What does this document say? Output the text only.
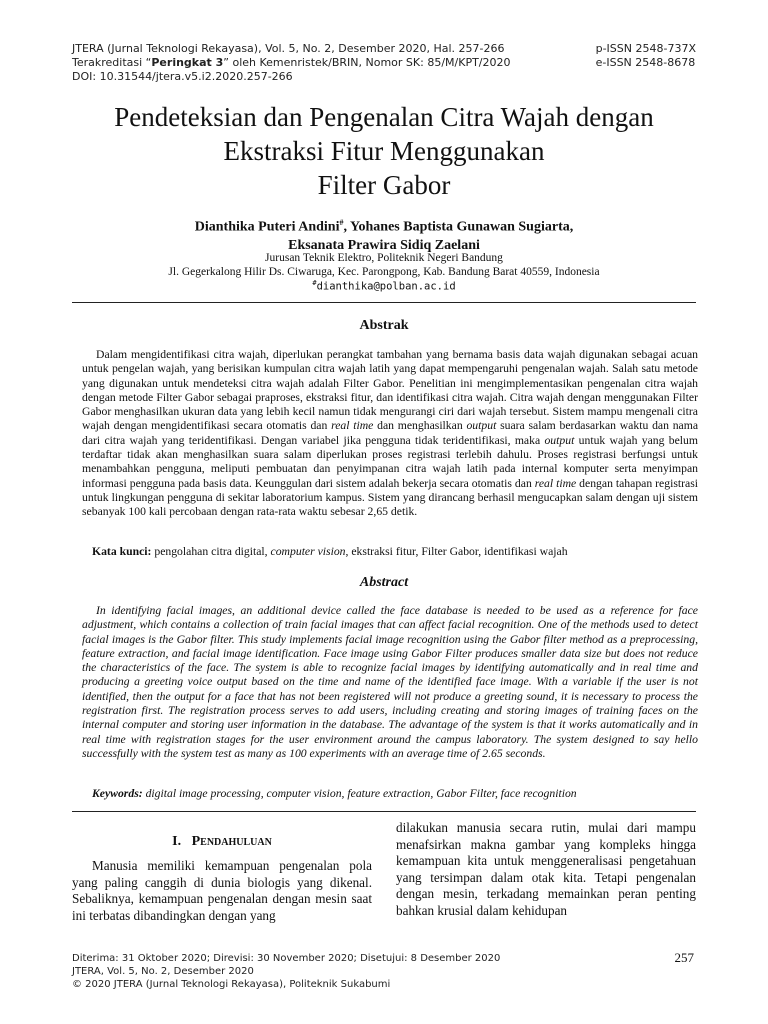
JTERA (Jurnal Teknologi Rekayasa), Vol. 5, No. 2, Desember 2020, Hal. 257-266
Terakreditasi “Peringkat 3” oleh Kemenristek/BRIN, Nomor SK: 85/M/KPT/2020
DOI: 10.31544/jtera.v5.i2.2020.257-266
p-ISSN 2548-737X
e-ISSN 2548-8678
Pendeteksian dan Pengenalan Citra Wajah dengan
Ekstraksi Fitur Menggunakan
Filter Gabor
Dianthika Puteri Andini#, Yohanes Baptista Gunawan Sugiarta,
Eksanata Prawira Sidiq Zaelani
Jurusan Teknik Elektro, Politeknik Negeri Bandung
Jl. Gegerkalong Hilir Ds. Ciwaruga, Kec. Parongpong, Kab. Bandung Barat 40559, Indonesia
#dianthika@polban.ac.id
Abstrak
Dalam mengidentifikasi citra wajah, diperlukan perangkat tambahan yang bernama basis data wajah digunakan sebagai acuan untuk pengelan wajah, yang berisikan kumpulan citra wajah latih yang dapat mempengaruhi pengenalan wajah. Salah satu metode yang digunakan untuk mendeteksi citra wajah adalah Filter Gabor. Penelitian ini mengimplementasikan pengenalan citra wajah dengan metode Filter Gabor sebagai praproses, ekstraksi fitur, dan identifikasi citra wajah. Citra wajah dengan menggunakan Filter Gabor menghasilkan ukuran data yang lebih kecil namun tidak mengurangi ciri dari wajah tersebut. Sistem mampu mengenali citra wajah dengan mengidentifikasi secara otomatis dan real time dan menghasilkan output suara salam berdasarkan waktu dan nama dari citra wajah yang teridentifikasi. Dengan variabel jika pengguna tidak teridentifikasi, maka output untuk wajah yang belum terdaftar tidak akan menghasilkan suara salam diperlukan proses registrasi terlebih dahulu. Proses registrasi berfungsi untuk menambahkan pengguna, meliputi pembuatan dan penyimpanan citra wajah latih pada internal komputer serta menyimpan informasi pengguna pada basis data. Keunggulan dari sistem adalah bekerja secara otomatis dan real time dengan tahapan registrasi untuk lingkungan pengguna di sekitar laboratorium kampus. Sistem yang dirancang berhasil mengucapkan salam dengan uji sistem sebanyak 100 kali percobaan dengan rata-rata waktu sebesar 2,65 detik.
Kata kunci: pengolahan citra digital, computer vision, ekstraksi fitur, Filter Gabor, identifikasi wajah
Abstract
In identifying facial images, an additional device called the face database is needed to be used as a reference for face adjustment, which contains a collection of train facial images that can affect facial recognition. One of the methods used to detect facial images is the Gabor filter. This study implements facial image recognition using the Gabor filter method as a preprocessing, feature extraction, and facial image identification. Face image using Gabor Filter produces smaller data size but does not reduce the characteristics of the face. The system is able to recognize facial images by identifying automatically and in real time and producing a greeting voice output based on the time and name of the identified face image. With a variable if the user is not identified, then the output for a face that has not been registered will not produce a greeting sound, it is necessary to process the registration first. The registration process serves to add users, including creating and storing images of training faces on the internal computer and storing user information in the database. The advantage of the system is that it works automatically and in real time with registration stages for the user environment around the campus laboratory. The system designed to say hello successfully with the system test as many as 100 experiments with an average time of 2.65 seconds.
Keywords: digital image processing, computer vision, feature extraction, Gabor Filter, face recognition
I. Pendahuluan
Manusia memiliki kemampuan pengenalan pola yang paling canggih di dunia biologis yang dikenal. Sebaliknya, kemampuan pengenalan dengan mesin saat ini terbatas dibandingkan dengan yang
dilakukan manusia secara rutin, mulai dari mampu menafsirkan makna gambar yang kompleks hingga kemampuan kita untuk menggeneralisasi pengetahuan yang tersimpan dalam otak kita. Tetapi pengenalan dengan mesin, terkadang memainkan peran penting bahkan krusial dalam kehidupan
Diterima: 31 Oktober 2020; Direvisi: 30 November 2020; Disetujui: 8 Desember 2020
JTERA, Vol. 5, No. 2, Desember 2020
© 2020 JTERA (Jurnal Teknologi Rekayasa), Politeknik Sukabumi
257
